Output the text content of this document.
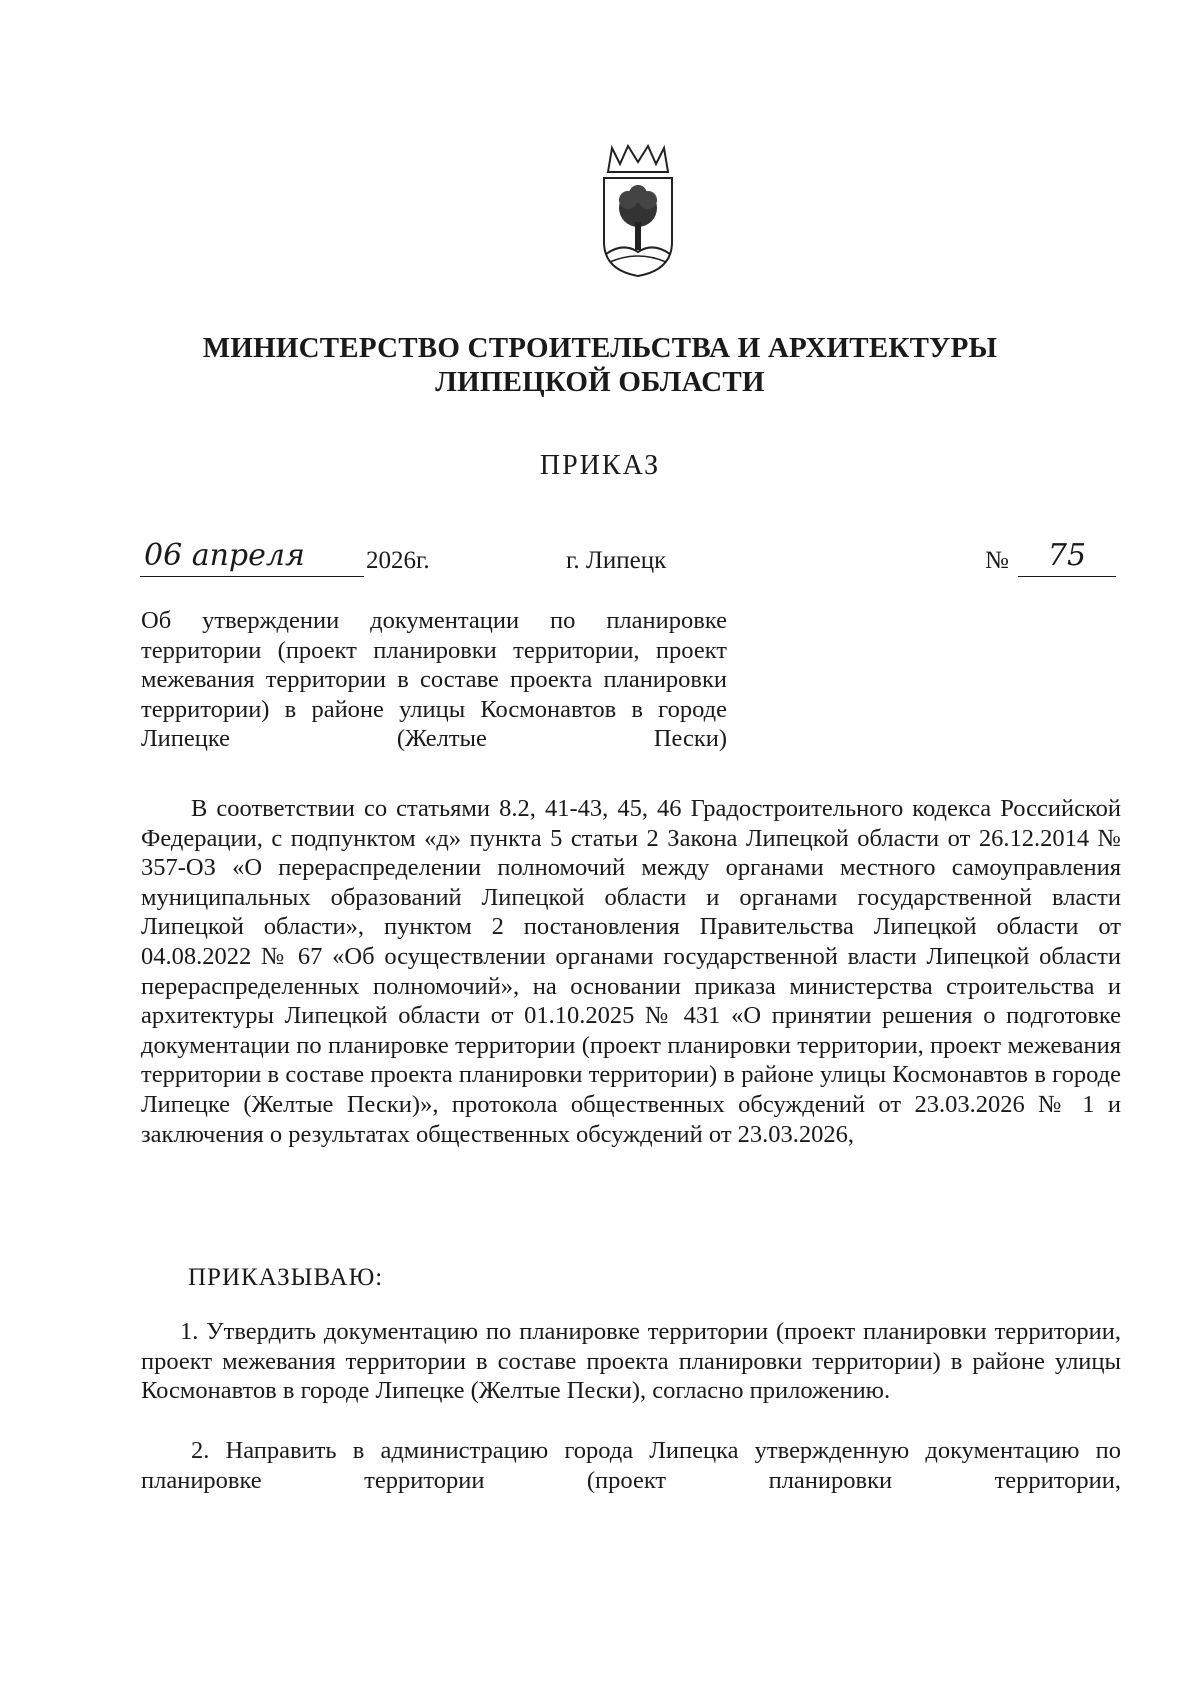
МИНИСТЕРСТВО СТРОИТЕЛЬСТВА И АРХИТЕКТУРЫ
ЛИПЕЦКОЙ ОБЛАСТИ
ПРИКАЗ
06 апреля	2026г.	г. Липецк	№	75
Об утверждении документации по планировке территории (проект планировки территории, проект межевания территории в составе проекта планировки территории) в районе улицы Космонавтов в городе Липецке (Желтые Пески)

В соответствии со статьями 8.2, 41-43, 45, 46 Градостроительного кодекса Российской Федерации, с подпунктом «д» пункта 5 статьи 2 Закона Липецкой области от 26.12.2014 № 357-ОЗ «О перераспределении полномочий между органами местного самоуправления муниципальных образований Липецкой области и органами государственной власти Липецкой области», пунктом 2 постановления Правительства Липецкой области от 04.08.2022 № 67 «Об осуществлении органами государственной власти Липецкой области перераспределенных полномочий», на основании приказа министерства строительства и архитектуры Липецкой области от 01.10.2025 № 431 «О принятии решения о подготовке документации по планировке территории (проект планировки территории, проект межевания территории в составе проекта планировки территории) в районе улицы Космонавтов в городе Липецке (Желтые Пески)», протокола общественных обсуждений от 23.03.2026 № 1 и заключения о результатах общественных обсуждений от 23.03.2026,

ПРИКАЗЫВАЮ:

1. Утвердить документацию по планировке территории (проект планировки территории, проект межевания территории в составе проекта планировки территории) в районе улицы Космонавтов в городе Липецке (Желтые Пески), согласно приложению.

2. Направить в администрацию города Липецка утвержденную документацию по планировке территории (проект планировки территории,
